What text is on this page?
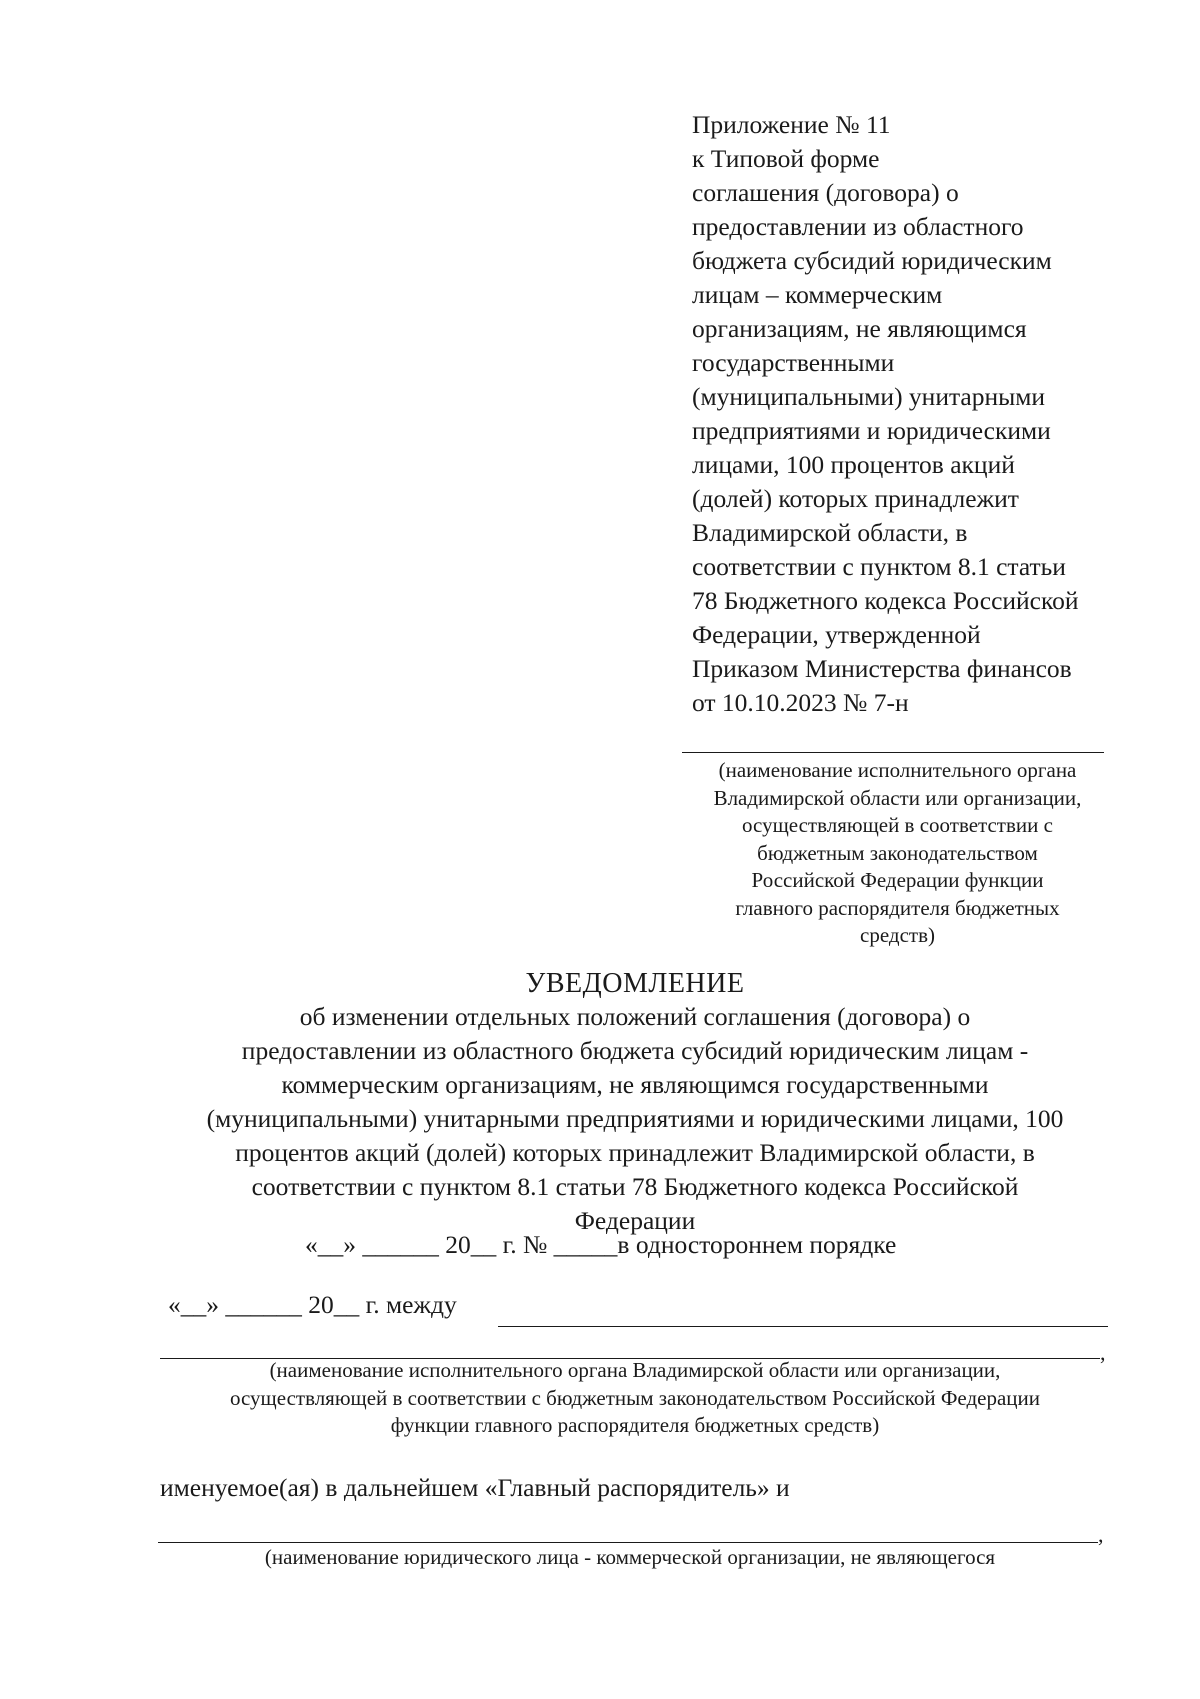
Приложение № 11
к Типовой форме
соглашения (договора) о
предоставлении из областного
бюджета субсидий юридическим
лицам – коммерческим
организациям, не являющимся
государственными
(муниципальными) унитарными
предприятиями и юридическими
лицами, 100 процентов акций
(долей) которых принадлежит
Владимирской области, в
соответствии с пунктом 8.1 статьи
78 Бюджетного кодекса Российской
Федерации, утвержденной
Приказом Министерства финансов
от 10.10.2023 № 7-н
(наименование исполнительного органа
Владимирской области или организации,
осуществляющей в соответствии с
бюджетным законодательством
Российской Федерации функции
главного распорядителя бюджетных
средств)
УВЕДОМЛЕНИЕ
об изменении отдельных положений соглашения (договора) о
предоставлении из областного бюджета субсидий юридическим лицам -
коммерческим организациям, не являющимся государственными
(муниципальными) унитарными предприятиями и юридическими лицами, 100
процентов акций (долей) которых принадлежит Владимирской области, в
соответствии с пунктом 8.1 статьи 78 Бюджетного кодекса Российской
Федерации
«__» ______ 20__ г. № _____в одностороннем порядке
«__» ______ 20__ г. между
,
(наименование исполнительного органа Владимирской области или организации,
осуществляющей в соответствии с бюджетным законодательством Российской Федерации
функции главного распорядителя бюджетных средств)
именуемое(ая) в дальнейшем «Главный распорядитель» и
,
(наименование юридического лица - коммерческой организации, не являющегося
